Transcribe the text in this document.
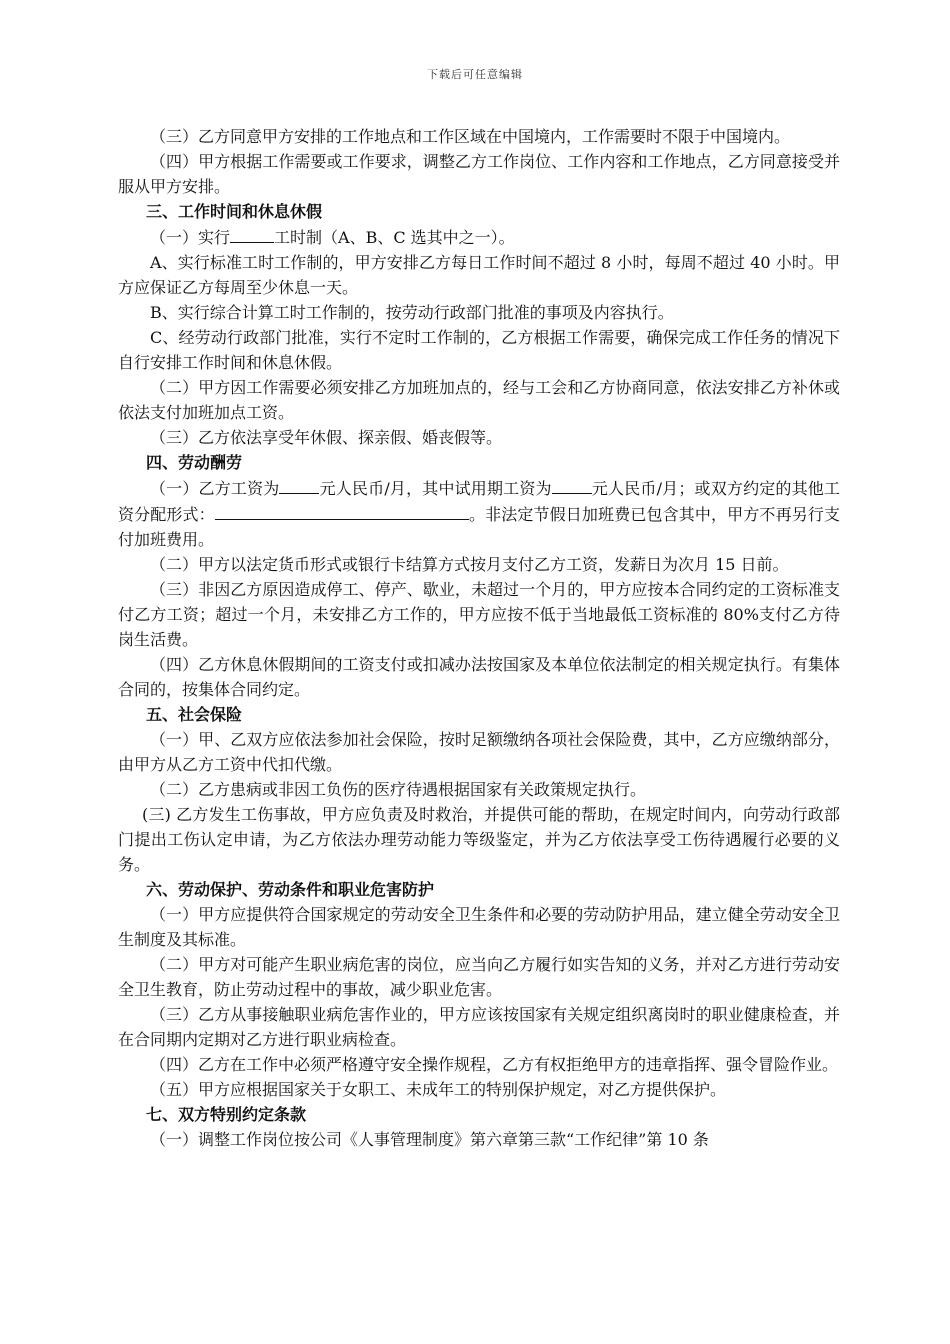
下载后可任意编辑

（三）乙方同意甲方安排的工作地点和工作区域在中国境内，工作需要时不限于中国境内。

（四）甲方根据工作需要或工作要求，调整乙方工作岗位、工作内容和工作地点，乙方同意接受并服从甲方安排。

三、工作时间和休息休假

（一）实行	工时制（A、B、C 选其中之一）。

A、实行标准工时工作制的，甲方安排乙方每日工作时间不超过 8 小时，每周不超过 40 小时。甲方应保证乙方每周至少休息一天。

B、实行综合计算工时工作制的，按劳动行政部门批准的事项及内容执行。

C、经劳动行政部门批准，实行不定时工作制的，乙方根据工作需要，确保完成工作任务的情况下自行安排工作时间和休息休假。

（二）甲方因工作需要必须安排乙方加班加点的，经与工会和乙方协商同意，依法安排乙方补休或依法支付加班加点工资。

（三）乙方依法享受年休假、探亲假、婚丧假等。

四、劳动酬劳

（一）乙方工资为	元人民币/月，其中试用期工资为	元人民币/月；或双方约定的其他工资分配形式：	。非法定节假日加班费已包含其中，甲方不再另行支付加班费用。

（二）甲方以法定货币形式或银行卡结算方式按月支付乙方工资，发薪日为次月 15 日前。

（三）非因乙方原因造成停工、停产、歇业，未超过一个月的，甲方应按本合同约定的工资标准支付乙方工资；超过一个月，未安排乙方工作的，甲方应按不低于当地最低工资标准的 80%支付乙方待岗生活费。

（四）乙方休息休假期间的工资支付或扣减办法按国家及本单位依法制定的相关规定执行。有集体合同的，按集体合同约定。

五、社会保险

（一）甲、乙双方应依法参加社会保险，按时足额缴纳各项社会保险费，其中，乙方应缴纳部分，由甲方从乙方工资中代扣代缴。

（二）乙方患病或非因工负伤的医疗待遇根据国家有关政策规定执行。

(三) 乙方发生工伤事故，甲方应负责及时救治，并提供可能的帮助，在规定时间内，向劳动行政部门提出工伤认定申请，为乙方依法办理劳动能力等级鉴定，并为乙方依法享受工伤待遇履行必要的义务。

六、劳动保护、劳动条件和职业危害防护

（一）甲方应提供符合国家规定的劳动安全卫生条件和必要的劳动防护用品，建立健全劳动安全卫生制度及其标准。

（二）甲方对可能产生职业病危害的岗位，应当向乙方履行如实告知的义务，并对乙方进行劳动安全卫生教育，防止劳动过程中的事故，减少职业危害。

（三）乙方从事接触职业病危害作业的，甲方应该按国家有关规定组织离岗时的职业健康检查，并在合同期内定期对乙方进行职业病检查。

（四）乙方在工作中必须严格遵守安全操作规程，乙方有权拒绝甲方的违章指挥、强令冒险作业。

（五）甲方应根据国家关于女职工、未成年工的特别保护规定，对乙方提供保护。

七、双方特别约定条款

（一）调整工作岗位按公司《人事管理制度》第六章第三款“工作纪律”第 10 条
